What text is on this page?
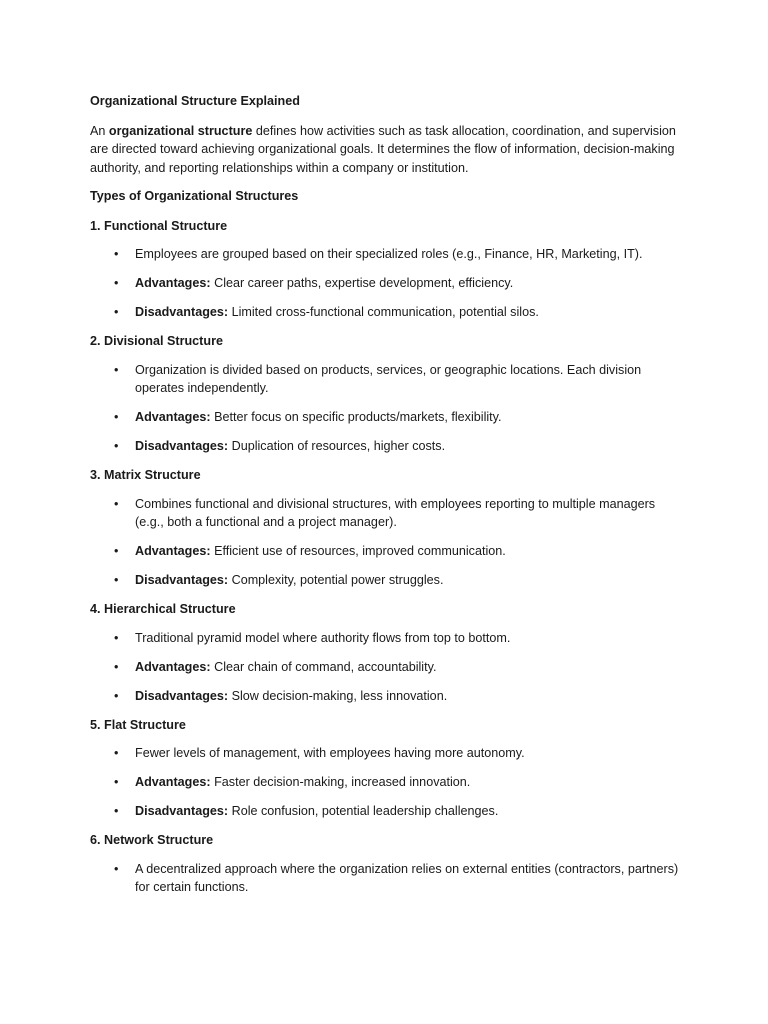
Organizational Structure Explained

An organizational structure defines how activities such as task allocation, coordination, and supervision are directed toward achieving organizational goals. It determines the flow of information, decision-making authority, and reporting relationships within a company or institution.

Types of Organizational Structures
1. Functional Structure
• Employees are grouped based on their specialized roles (e.g., Finance, HR, Marketing, IT).
• Advantages: Clear career paths, expertise development, efficiency.
• Disadvantages: Limited cross-functional communication, potential silos.
2. Divisional Structure
• Organization is divided based on products, services, or geographic locations. Each division operates independently.
• Advantages: Better focus on specific products/markets, flexibility.
• Disadvantages: Duplication of resources, higher costs.
3. Matrix Structure
• Combines functional and divisional structures, with employees reporting to multiple managers (e.g., both a functional and a project manager).
• Advantages: Efficient use of resources, improved communication.
• Disadvantages: Complexity, potential power struggles.
4. Hierarchical Structure
• Traditional pyramid model where authority flows from top to bottom.
• Advantages: Clear chain of command, accountability.
• Disadvantages: Slow decision-making, less innovation.
5. Flat Structure
• Fewer levels of management, with employees having more autonomy.
• Advantages: Faster decision-making, increased innovation.
• Disadvantages: Role confusion, potential leadership challenges.
6. Network Structure
• A decentralized approach where the organization relies on external entities (contractors, partners) for certain functions.
